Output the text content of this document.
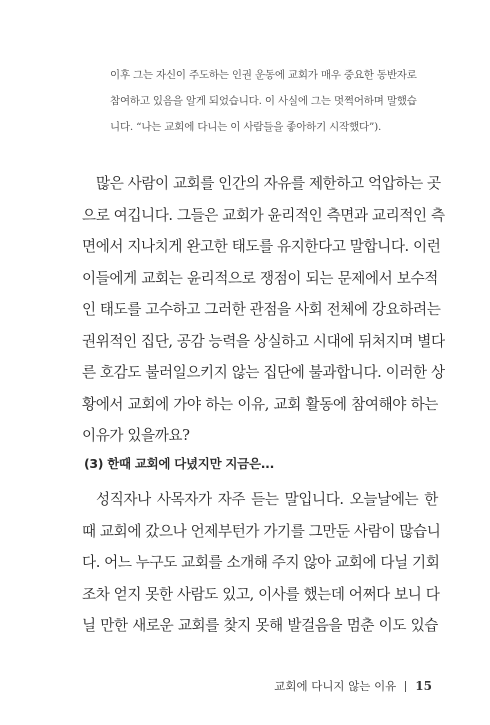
이후 그는 자신이 주도하는 인권 운동에 교회가 매우 중요한 동반자로

참여하고 있음을 알게 되었습니다. 이 사실에 그는 멋쩍어하며 말했습

니다. “나는 교회에 다니는 이 사람들을 좋아하기 시작했다”).

많은 사람이 교회를 인간의 자유를 제한하고 억압하는 곳

으로 여깁니다. 그들은 교회가 윤리적인 측면과 교리적인 측

면에서 지나치게 완고한 태도를 유지한다고 말합니다. 이런

이들에게 교회는 윤리적으로 쟁점이 되는 문제에서 보수적

인 태도를 고수하고 그러한 관점을 사회 전체에 강요하려는

권위적인 집단, 공감 능력을 상실하고 시대에 뒤처지며 별다

른 호감도 불러일으키지 않는 집단에 불과합니다. 이러한 상

황에서 교회에 가야 하는 이유, 교회 활동에 참여해야 하는

이유가 있을까요?

(3) 한때 교회에 다녔지만 지금은...

성직자나 사목자가 자주 듣는 말입니다. 오늘날에는 한

때 교회에 갔으나 언제부턴가 가기를 그만둔 사람이 많습니

다. 어느 누구도 교회를 소개해 주지 않아 교회에 다닐 기회

조차 얻지 못한 사람도 있고, 이사를 했는데 어쩌다 보니 다

닐 만한 새로운 교회를 찾지 못해 발걸음을 멈춘 이도 있습

교회에 다니지 않는 이유 15
